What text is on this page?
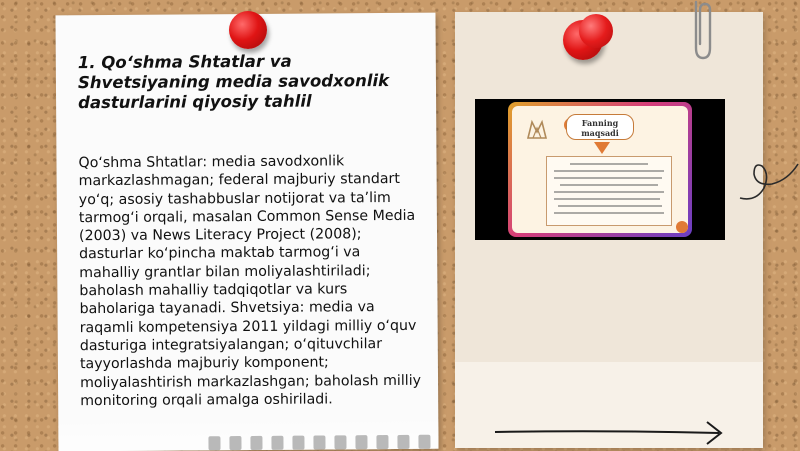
1. Qo‘shma Shtatlar va Shvetsiyaning media savodxonlik dasturlarini qiyosiy tahlil

Qo‘shma Shtatlar: media savodxonlik markazlashmagan; federal majburiy standart yo‘q; asosiy tashabbuslar notijorat va ta’lim tarmog‘i orqali, masalan Common Sense Media (2003) va News Literacy Project (2008); dasturlar ko‘pincha maktab tarmog‘i va mahalliy grantlar bilan moliyalashtiriladi; baholash mahalliy tadqiqotlar va kurs baholariga tayanadi. Shvetsiya: media va raqamli kompetensiya 2011 yildagi milliy o‘quv dasturiga integratsiyalangan; o‘qituvchilar tayyorlashda majburiy komponent; moliyalashtirish markazlashgan; baholash milliy monitoring orqali amalga oshiriladi.

Fanning
maqsadi
